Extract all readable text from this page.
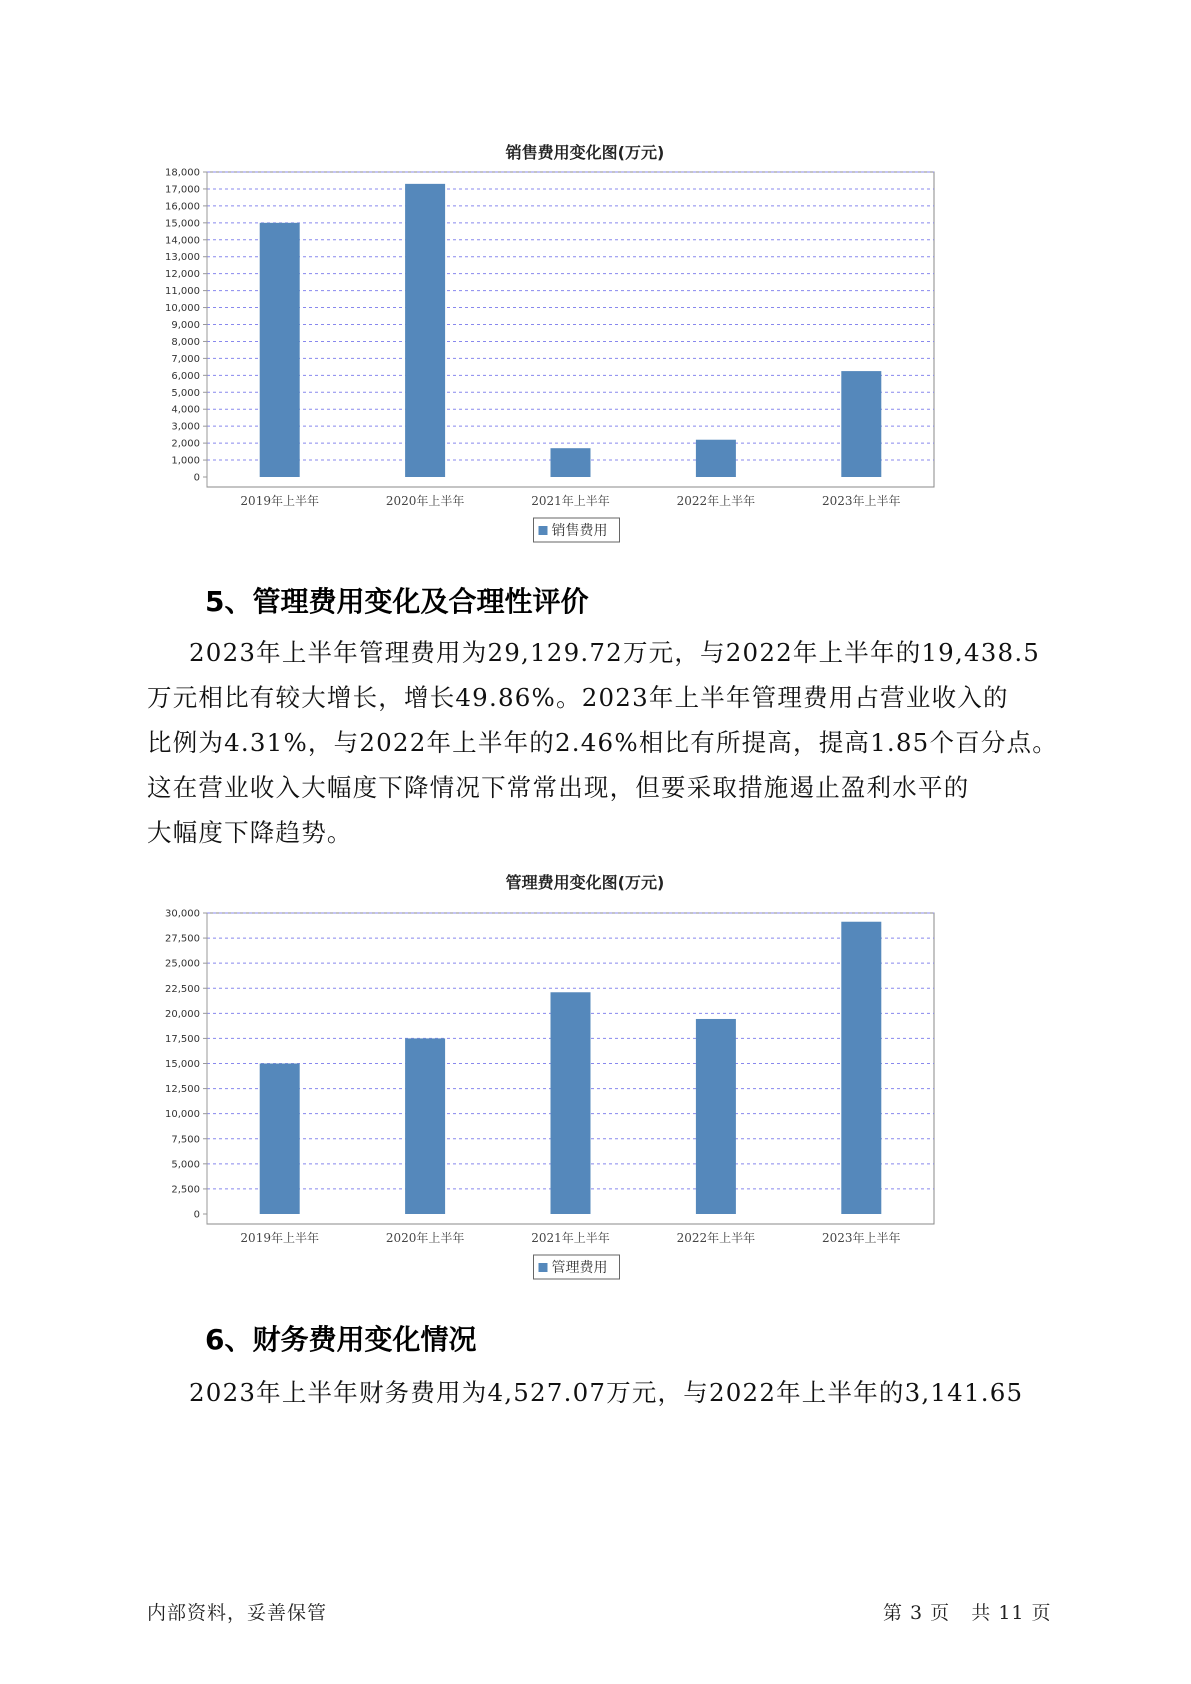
销售费用变化图(万元)
0
1,000
2,000
3,000
4,000
5,000
6,000
7,000
8,000
9,000
10,000
11,000
12,000
13,000
14,000
15,000
16,000
17,000
18,000
2019年上半年	2020年上半年	2021年上半年	2022年上半年	2023年上半年
销售费用
5、管理费用变化及合理性评价
2023年上半年管理费用为29,129.72万元，与2022年上半年的19,438.5
万元相比有较大增长，增长49.86%。2023年上半年管理费用占营业收入的
比例为4.31%，与2022年上半年的2.46%相比有所提高，提高1.85个百分点。
这在营业收入大幅度下降情况下常常出现，但要采取措施遏止盈利水平的
大幅度下降趋势。
管理费用变化图(万元)
0
2,500
5,000
7,500
10,000
12,500
15,000
17,500
20,000
22,500
25,000
27,500
30,000
2019年上半年	2020年上半年	2021年上半年	2022年上半年	2023年上半年
管理费用
6、财务费用变化情况
2023年上半年财务费用为4,527.07万元，与2022年上半年的3,141.65
内部资料，妥善保管	第 3 页   共 11 页
